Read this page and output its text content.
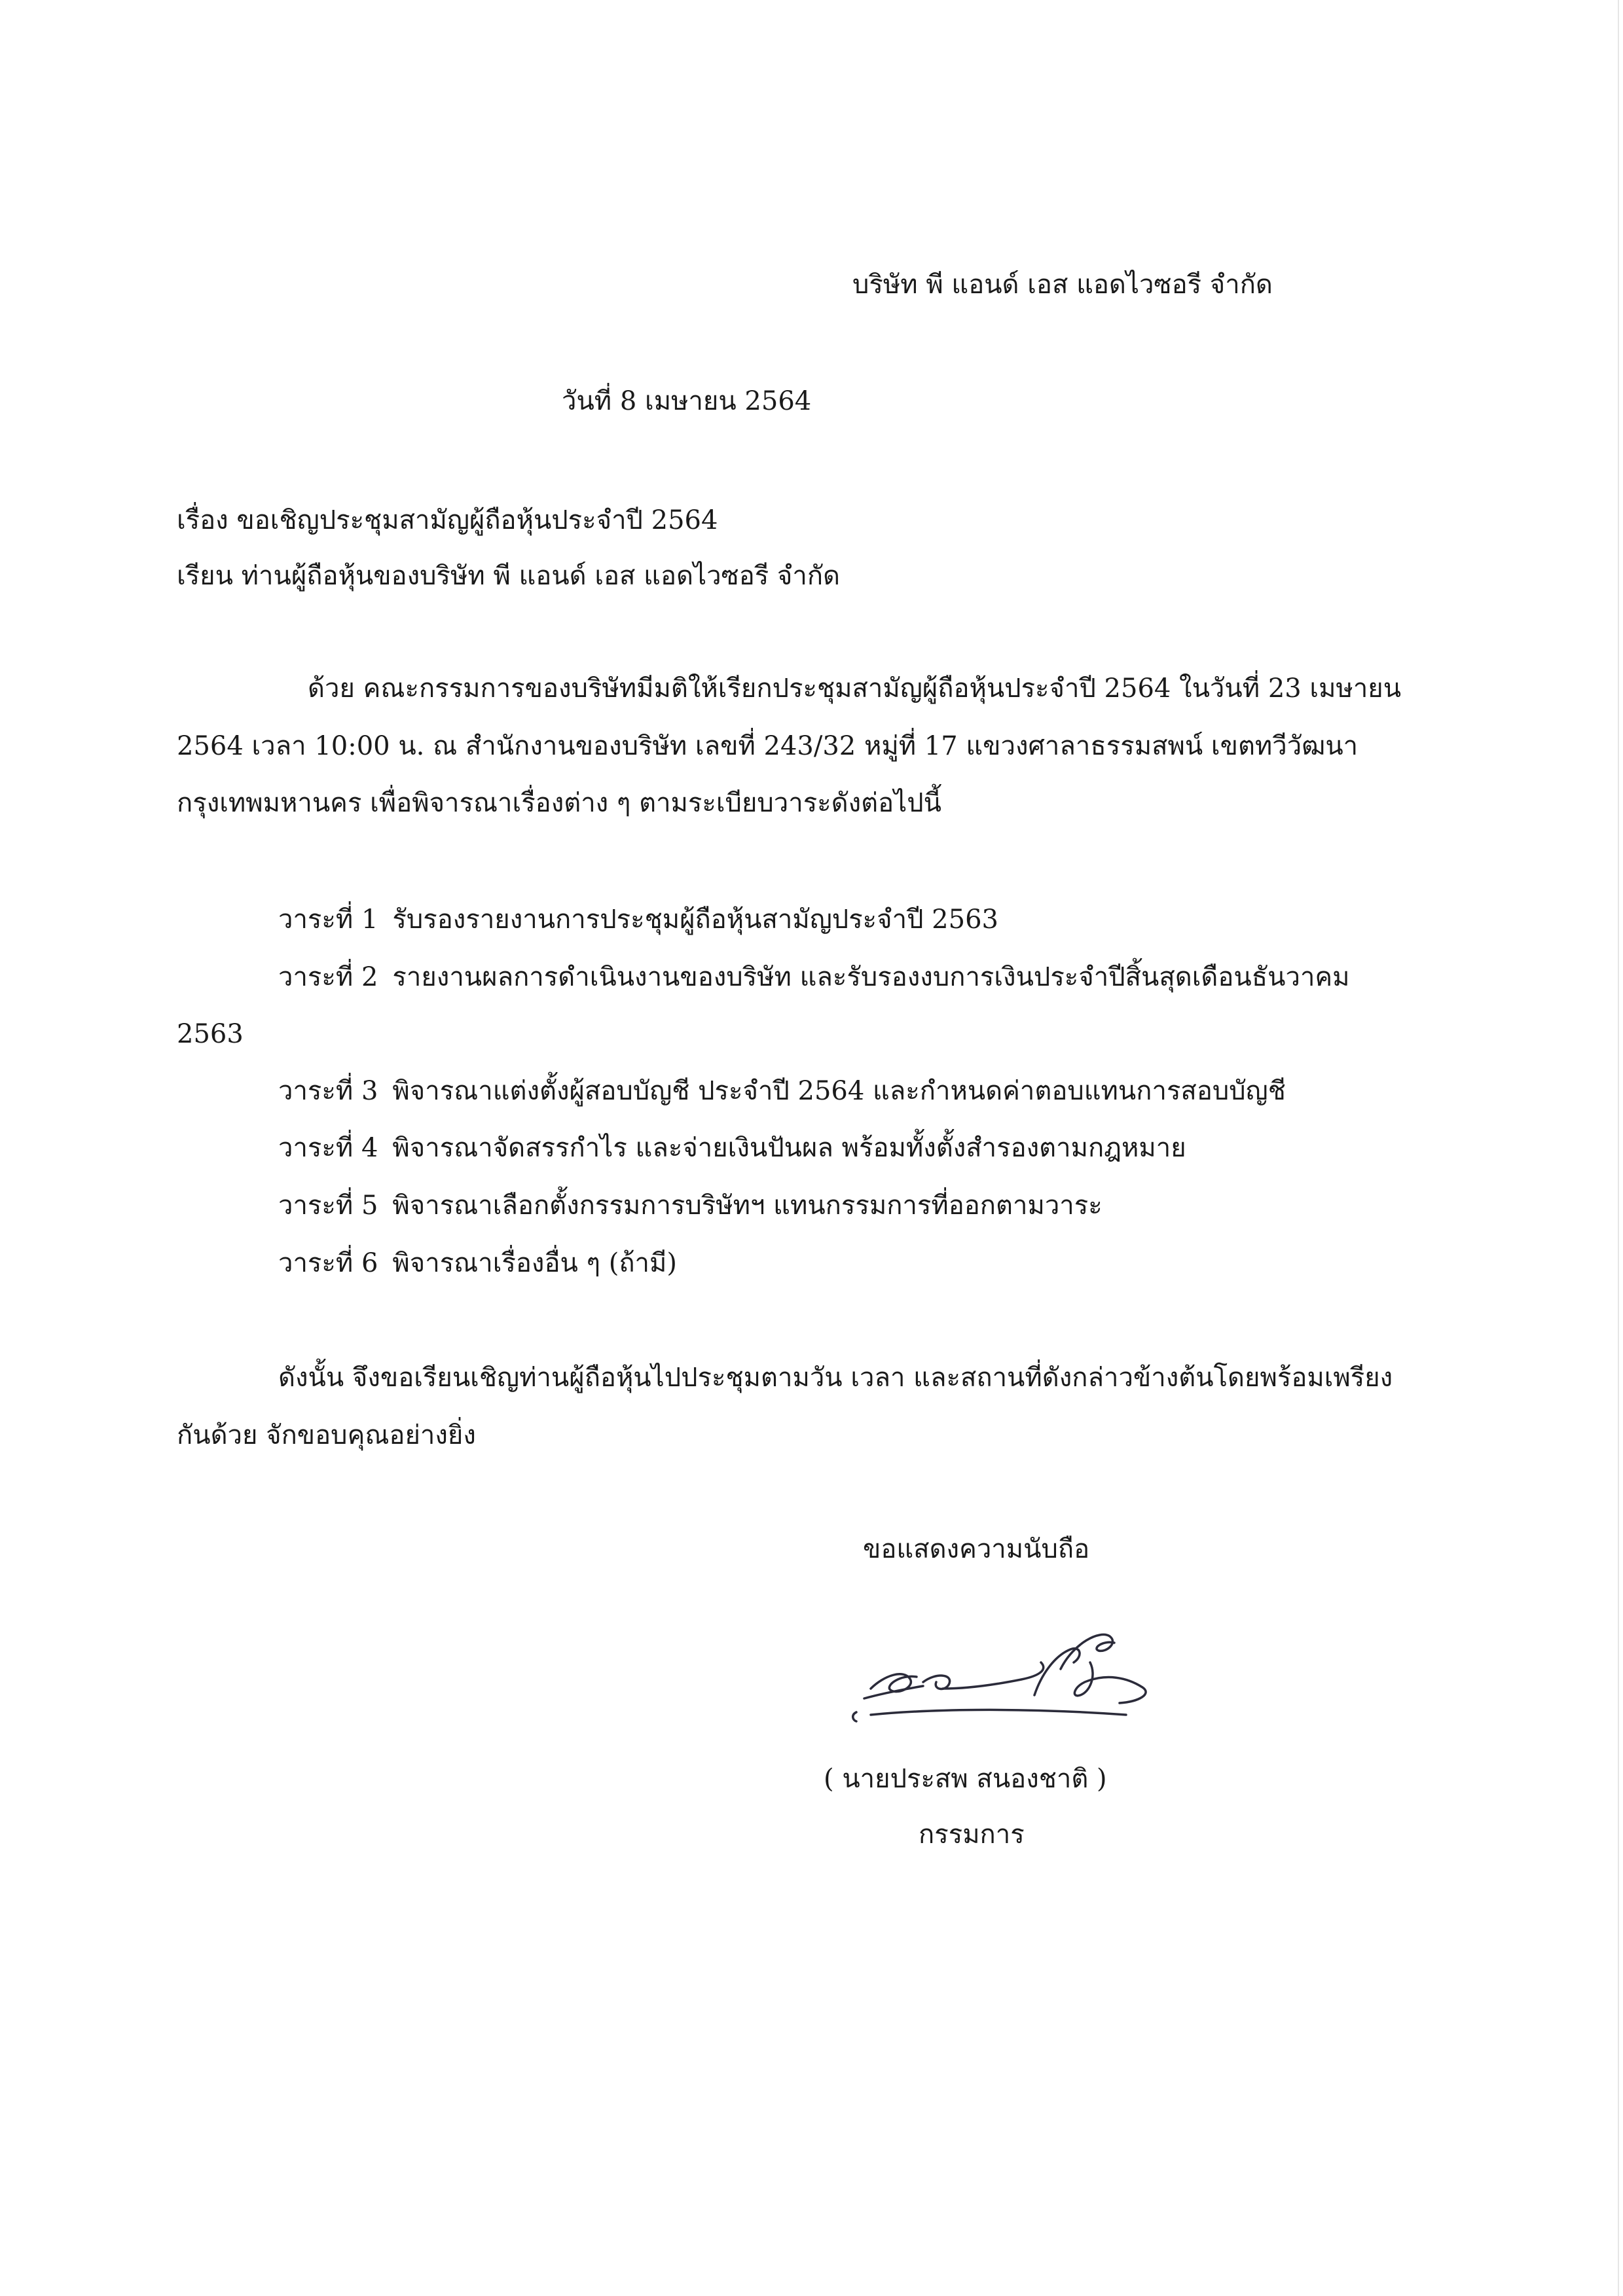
บริษัท พี แอนด์ เอส แอดไวซอรี จำกัด
วันที่ 8 เมษายน 2564
เรื่อง ขอเชิญประชุมสามัญผู้ถือหุ้นประจำปี 2564
เรียน ท่านผู้ถือหุ้นของบริษัท พี แอนด์ เอส แอดไวซอรี จำกัด
ด้วย คณะกรรมการของบริษัทมีมติให้เรียกประชุมสามัญผู้ถือหุ้นประจำปี 2564 ในวันที่ 23 เมษายน
2564 เวลา 10:00 น. ณ สำนักงานของบริษัท เลขที่ 243/32 หมู่ที่ 17 แขวงศาลาธรรมสพน์ เขตทวีวัฒนา
กรุงเทพมหานคร เพื่อพิจารณาเรื่องต่าง ๆ ตามระเบียบวาระดังต่อไปนี้
วาระที่ 1 รับรองรายงานการประชุมผู้ถือหุ้นสามัญประจำปี 2563
วาระที่ 2 รายงานผลการดำเนินงานของบริษัท และรับรองงบการเงินประจำปีสิ้นสุดเดือนธันวาคม
2563
วาระที่ 3 พิจารณาแต่งตั้งผู้สอบบัญชี ประจำปี 2564 และกำหนดค่าตอบแทนการสอบบัญชี
วาระที่ 4 พิจารณาจัดสรรกำไร และจ่ายเงินปันผล พร้อมทั้งตั้งสำรองตามกฎหมาย
วาระที่ 5 พิจารณาเลือกตั้งกรรมการบริษัทฯ แทนกรรมการที่ออกตามวาระ
วาระที่ 6 พิจารณาเรื่องอื่น ๆ (ถ้ามี)
ดังนั้น จึงขอเรียนเชิญท่านผู้ถือหุ้นไปประชุมตามวัน เวลา และสถานที่ดังกล่าวข้างต้นโดยพร้อมเพรียง
กันด้วย จักขอบคุณอย่างยิ่ง
ขอแสดงความนับถือ
( นายประสพ สนองชาติ )
กรรมการ
